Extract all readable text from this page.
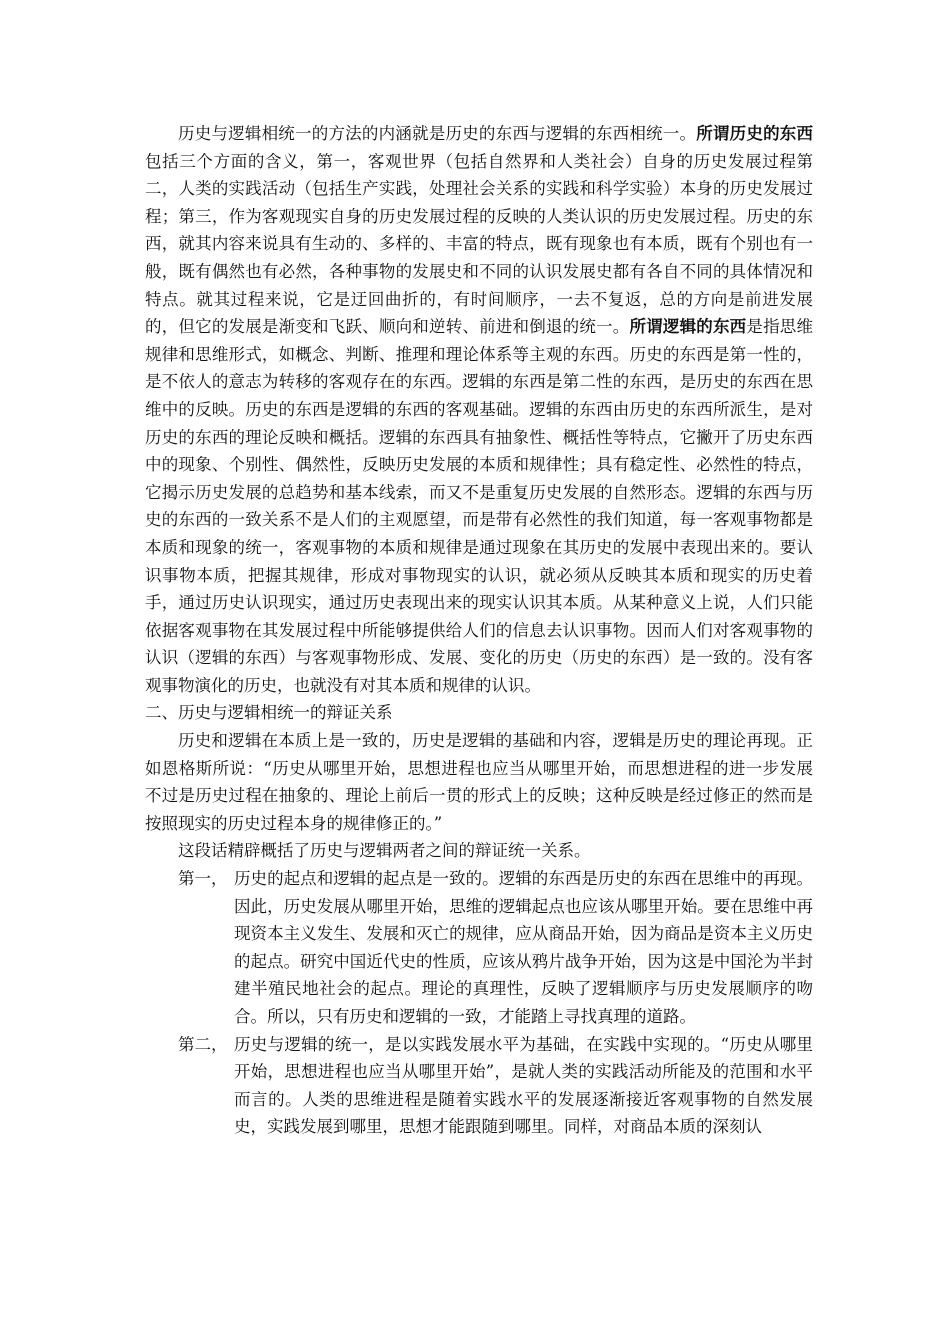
历史与逻辑相统一的方法的内涵就是历史的东西与逻辑的东西相统一。所谓历史的东西包括三个方面的含义，第一，客观世界（包括自然界和人类社会）自身的历史发展过程第二，人类的实践活动（包括生产实践，处理社会关系的实践和科学实验）本身的历史发展过程；第三，作为客观现实自身的历史发展过程的反映的人类认识的历史发展过程。历史的东西，就其内容来说具有生动的、多样的、丰富的特点，既有现象也有本质，既有个别也有一般，既有偶然也有必然，各种事物的发展史和不同的认识发展史都有各自不同的具体情况和特点。就其过程来说，它是迂回曲折的，有时间顺序，一去不复返，总的方向是前进发展的，但它的发展是渐变和飞跃、顺向和逆转、前进和倒退的统一。所谓逻辑的东西是指思维规律和思维形式，如概念、判断、推理和理论体系等主观的东西。历史的东西是第一性的，是不依人的意志为转移的客观存在的东西。逻辑的东西是第二性的东西，是历史的东西在思维中的反映。历史的东西是逻辑的东西的客观基础。逻辑的东西由历史的东西所派生，是对历史的东西的理论反映和概括。逻辑的东西具有抽象性、概括性等特点，它撇开了历史东西中的现象、个别性、偶然性，反映历史发展的本质和规律性；具有稳定性、必然性的特点，它揭示历史发展的总趋势和基本线索，而又不是重复历史发展的自然形态。逻辑的东西与历史的东西的一致关系不是人们的主观愿望，而是带有必然性的我们知道，每一客观事物都是本质和现象的统一，客观事物的本质和规律是通过现象在其历史的发展中表现出来的。要认识事物本质，把握其规律，形成对事物现实的认识，就必须从反映其本质和现实的历史着手，通过历史认识现实，通过历史表现出来的现实认识其本质。从某种意义上说，人们只能依据客观事物在其发展过程中所能够提供给人们的信息去认识事物。因而人们对客观事物的认识（逻辑的东西）与客观事物形成、发展、变化的历史（历史的东西）是一致的。没有客观事物演化的历史，也就没有对其本质和规律的认识。

二、历史与逻辑相统一的辩证关系

历史和逻辑在本质上是一致的，历史是逻辑的基础和内容，逻辑是历史的理论再现。正如恩格斯所说：“历史从哪里开始，思想进程也应当从哪里开始，而思想进程的进一步发展不过是历史过程在抽象的、理论上前后一贯的形式上的反映；这种反映是经过修正的然而是按照现实的历史过程本身的规律修正的。”

这段话精辟概括了历史与逻辑两者之间的辩证统一关系。

第一， 历史的起点和逻辑的起点是一致的。逻辑的东西是历史的东西在思维中的再现。因此，历史发展从哪里开始，思维的逻辑起点也应该从哪里开始。要在思维中再现资本主义发生、发展和灭亡的规律，应从商品开始，因为商品是资本主义历史的起点。研究中国近代史的性质，应该从鸦片战争开始，因为这是中国沦为半封建半殖民地社会的起点。理论的真理性，反映了逻辑顺序与历史发展顺序的吻合。所以，只有历史和逻辑的一致，才能踏上寻找真理的道路。
第二， 历史与逻辑的统一，是以实践发展水平为基础，在实践中实现的。“历史从哪里开始，思想进程也应当从哪里开始”，是就人类的实践活动所能及的范围和水平而言的。人类的思维进程是随着实践水平的发展逐渐接近客观事物的自然发展史，实践发展到哪里，思想才能跟随到哪里。同样，对商品本质的深刻认
